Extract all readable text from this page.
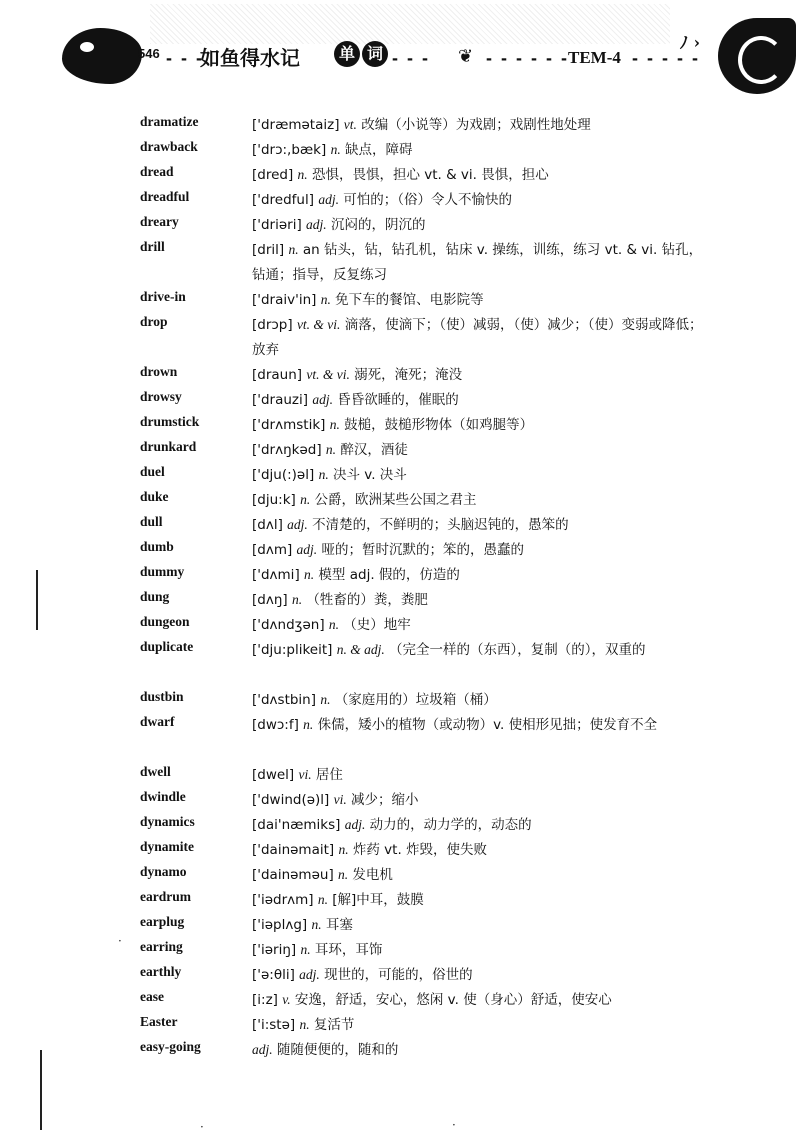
546 - - -
如鱼得水记	单 词 - - - ❦ - - - - - - TEM-4 - - - - -
ﾉ ›
dramatize	['dræmətaiz] vt. 改编（小说等）为戏剧；戏剧性地处理
drawback	['drɔ:,bæk] n. 缺点，障碍
dread	[dred] n. 恐惧，畏惧，担心 vt. & vi. 畏惧，担心
dreadful	['dredful] adj. 可怕的；（俗）令人不愉快的
dreary	['driəri] adj. 沉闷的，阴沉的
drill	[dril] n. an 钻头，钻，钻孔机，钻床 v. 操练，训练，练习 vt. & vi. 钻孔，钻通；指导，反复练习
drive-in	['draiv'in] n. 免下车的餐馆、电影院等
drop	[drɔp] vt. & vi. 滴落，使滴下；（使）减弱，（使）减少；（使）变弱或降低；放弃
drown	[draun] vt. & vi. 溺死，淹死；淹没
drowsy	['drauzi] adj. 昏昏欲睡的，催眠的
drumstick	['drʌmstik] n. 鼓槌，鼓槌形物体（如鸡腿等）
drunkard	['drʌŋkəd] n. 醉汉，酒徒
duel	['dju(:)əl] n. 决斗 v. 决斗
duke	[dju:k] n. 公爵，欧洲某些公国之君主
dull	[dʌl] adj. 不清楚的，不鲜明的；头脑迟钝的，愚笨的
dumb	[dʌm] adj. 哑的；暂时沉默的；笨的，愚蠢的
dummy	['dʌmi] n. 模型 adj. 假的，仿造的
dung	[dʌŋ] n. （牲畜的）粪，粪肥
dungeon	['dʌndʒən] n. （史）地牢
duplicate	['dju:plikeit] n. & adj. （完全一样的（东西），复制（的），双重的
dustbin	['dʌstbin] n. （家庭用的）垃圾箱（桶）
dwarf	[dwɔ:f] n. 侏儒，矮小的植物（或动物）v. 使相形见拙；使发育不全
dwell	[dwel] vi. 居住
dwindle	['dwind(ə)l] vi. 减少；缩小
dynamics	[dai'næmiks] adj. 动力的，动力学的，动态的
dynamite	['dainəmait] n. 炸药 vt. 炸毁，使失败
dynamo	['dainəməu] n. 发电机
eardrum	['iədrʌm] n. [解]中耳，鼓膜
earplug	['iəplʌg] n. 耳塞
earring	['iəriŋ] n. 耳环，耳饰
earthly	['ə:θli] adj. 现世的，可能的，俗世的
ease	[i:z] v. 安逸，舒适，安心，悠闲 v. 使（身心）舒适，使安心
Easter	['i:stə] n. 复活节
easy-going	adj. 随随便便的，随和的
·
·	·
